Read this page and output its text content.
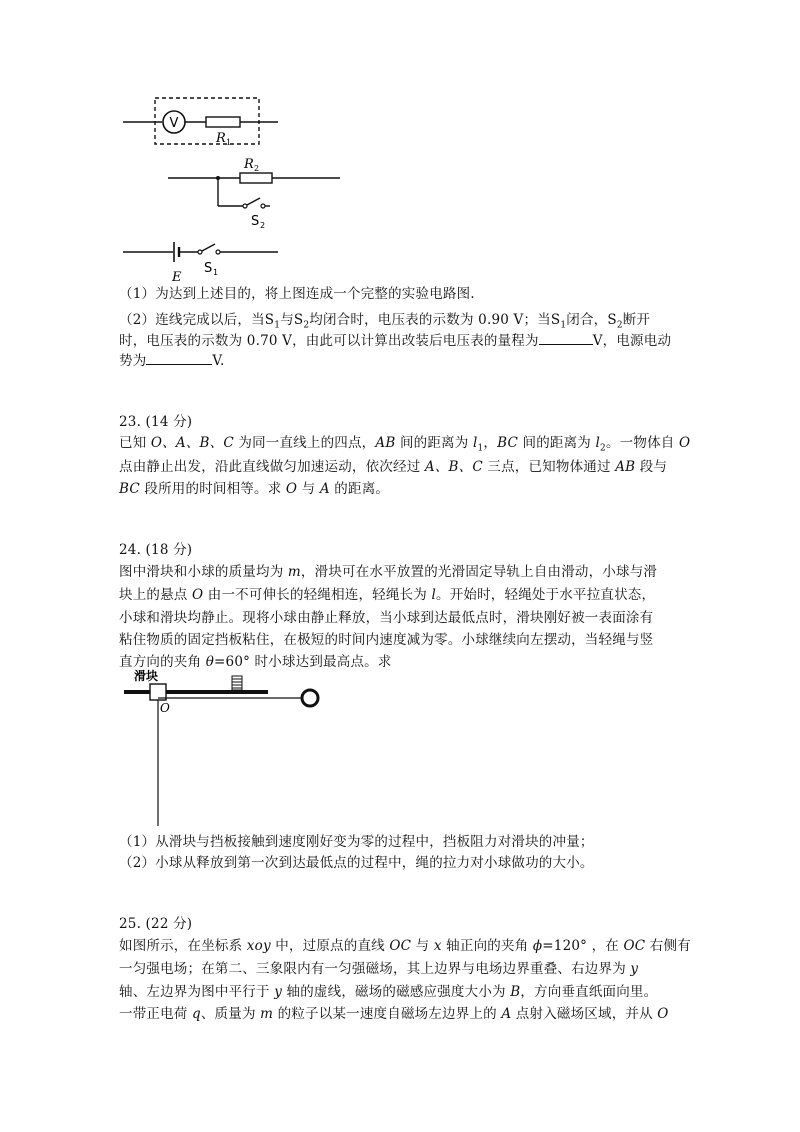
V
R 1
R 2
S 2
E
S 1
（1）为达到上述目的，将上图连成一个完整的实验电路图.
（2）连线完成以后，当$S_1$与$S_2$均闭合时，电压表的示数为 0.90 V；当$S_1$闭合，$S_2$断开
时，电压表的示数为 0.70 V，由此可以计算出改装后电压表的量程为	V，电源电动
势为	V.
23. (14 分)
已知 O、A、B、C 为同一直线上的四点，AB 间的距离为 $l_1$，BC 间的距离为 $l_2$。一物体自 O
点由静止出发，沿此直线做匀加速运动，依次经过 A、B、C 三点，已知物体通过 AB 段与
BC 段所用的时间相等。求 O 与 A 的距离。
24. (18 分)
图中滑块和小球的质量均为 m，滑块可在水平放置的光滑固定导轨上自由滑动，小球与滑
块上的悬点 O 由一不可伸长的轻绳相连，轻绳长为 l。开始时，轻绳处于水平拉直状态，
小球和滑块均静止。现将小球由静止释放，当小球到达最低点时，滑块刚好被一表面涂有
粘住物质的固定挡板粘住，在极短的时间内速度减为零。小球继续向左摆动，当轻绳与竖
直方向的夹角 θ=60° 时小球达到最高点。求
滑块
O
（1）从滑块与挡板接触到速度刚好变为零的过程中，挡板阻力对滑块的冲量；
（2）小球从释放到第一次到达最低点的过程中，绳的拉力对小球做功的大小。
25. (22 分)
如图所示，在坐标系 xoy 中，过原点的直线 OC 与 x 轴正向的夹角 ϕ=120° ，在 OC 右侧有
一匀强电场；在第二、三象限内有一匀强磁场，其上边界与电场边界重叠、右边界为 y
轴、左边界为图中平行于 y 轴的虚线，磁场的磁感应强度大小为 B，方向垂直纸面向里。
一带正电荷 q、质量为 m 的粒子以某一速度自磁场左边界上的 A 点射入磁场区域，并从 O
